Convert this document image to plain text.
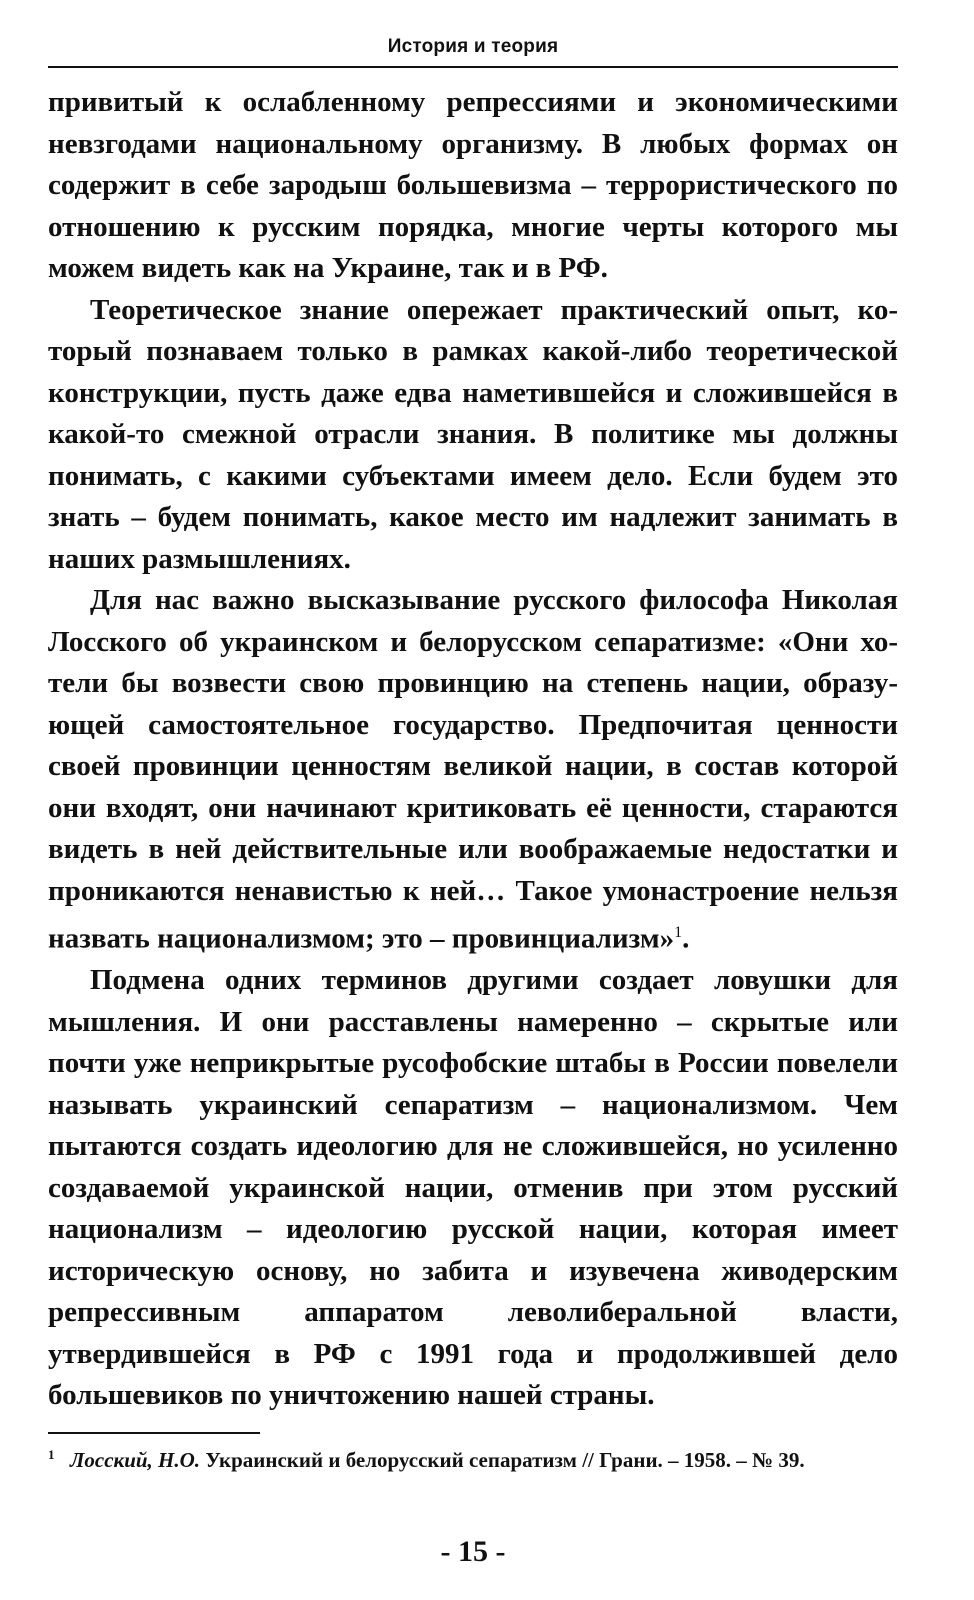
История и теория

привитый к ослабленному репрессиями и экономическими невзгодами национальному организму. В любых формах он содержит в себе зародыш большевизма – террористического по отношению к русским порядка, многие черты которого мы можем видеть как на Украине, так и в РФ.

Теоретическое знание опережает практический опыт, который познаваем только в рамках какой-либо теоретической конструкции, пусть даже едва наметившейся и сложившейся в какой-то смежной отрасли знания. В политике мы должны понимать, с какими субъектами имеем дело. Если будем это знать – будем понимать, какое место им надлежит занимать в наших размышлениях.

Для нас важно высказывание русского философа Николая Лосского об украинском и белорусском сепаратизме: «Они хотели бы возвести свою провинцию на степень нации, образующей самостоятельное государство. Предпочитая ценности своей провинции ценностям великой нации, в состав которой они входят, они начинают критиковать её ценности, стараются видеть в ней действительные или воображаемые недостатки и проникаются ненавистью к ней… Такое умонастроение нельзя назвать национализмом; это – провинциализм»$^1$.

Подмена одних терминов другими создает ловушки для мышления. И они расставлены намеренно – скрытые или почти уже неприкрытые русофобские штабы в России повелели называть украинский сепаратизм – национализмом. Чем пытаются создать идеологию для не сложившейся, но усиленно создаваемой украинской нации, отменив при этом русский национализм – идеологию русской нации, которая имеет историческую основу, но забита и изувечена живодерским репрессивным аппаратом леволиберальной власти, утвердившейся в РФ с 1991 года и продолжившей дело большевиков по уничтожению нашей страны.

1 Лосский, Н.О. Украинский и белорусский сепаратизм // Грани. – 1958. – № 39.
- 15 -
